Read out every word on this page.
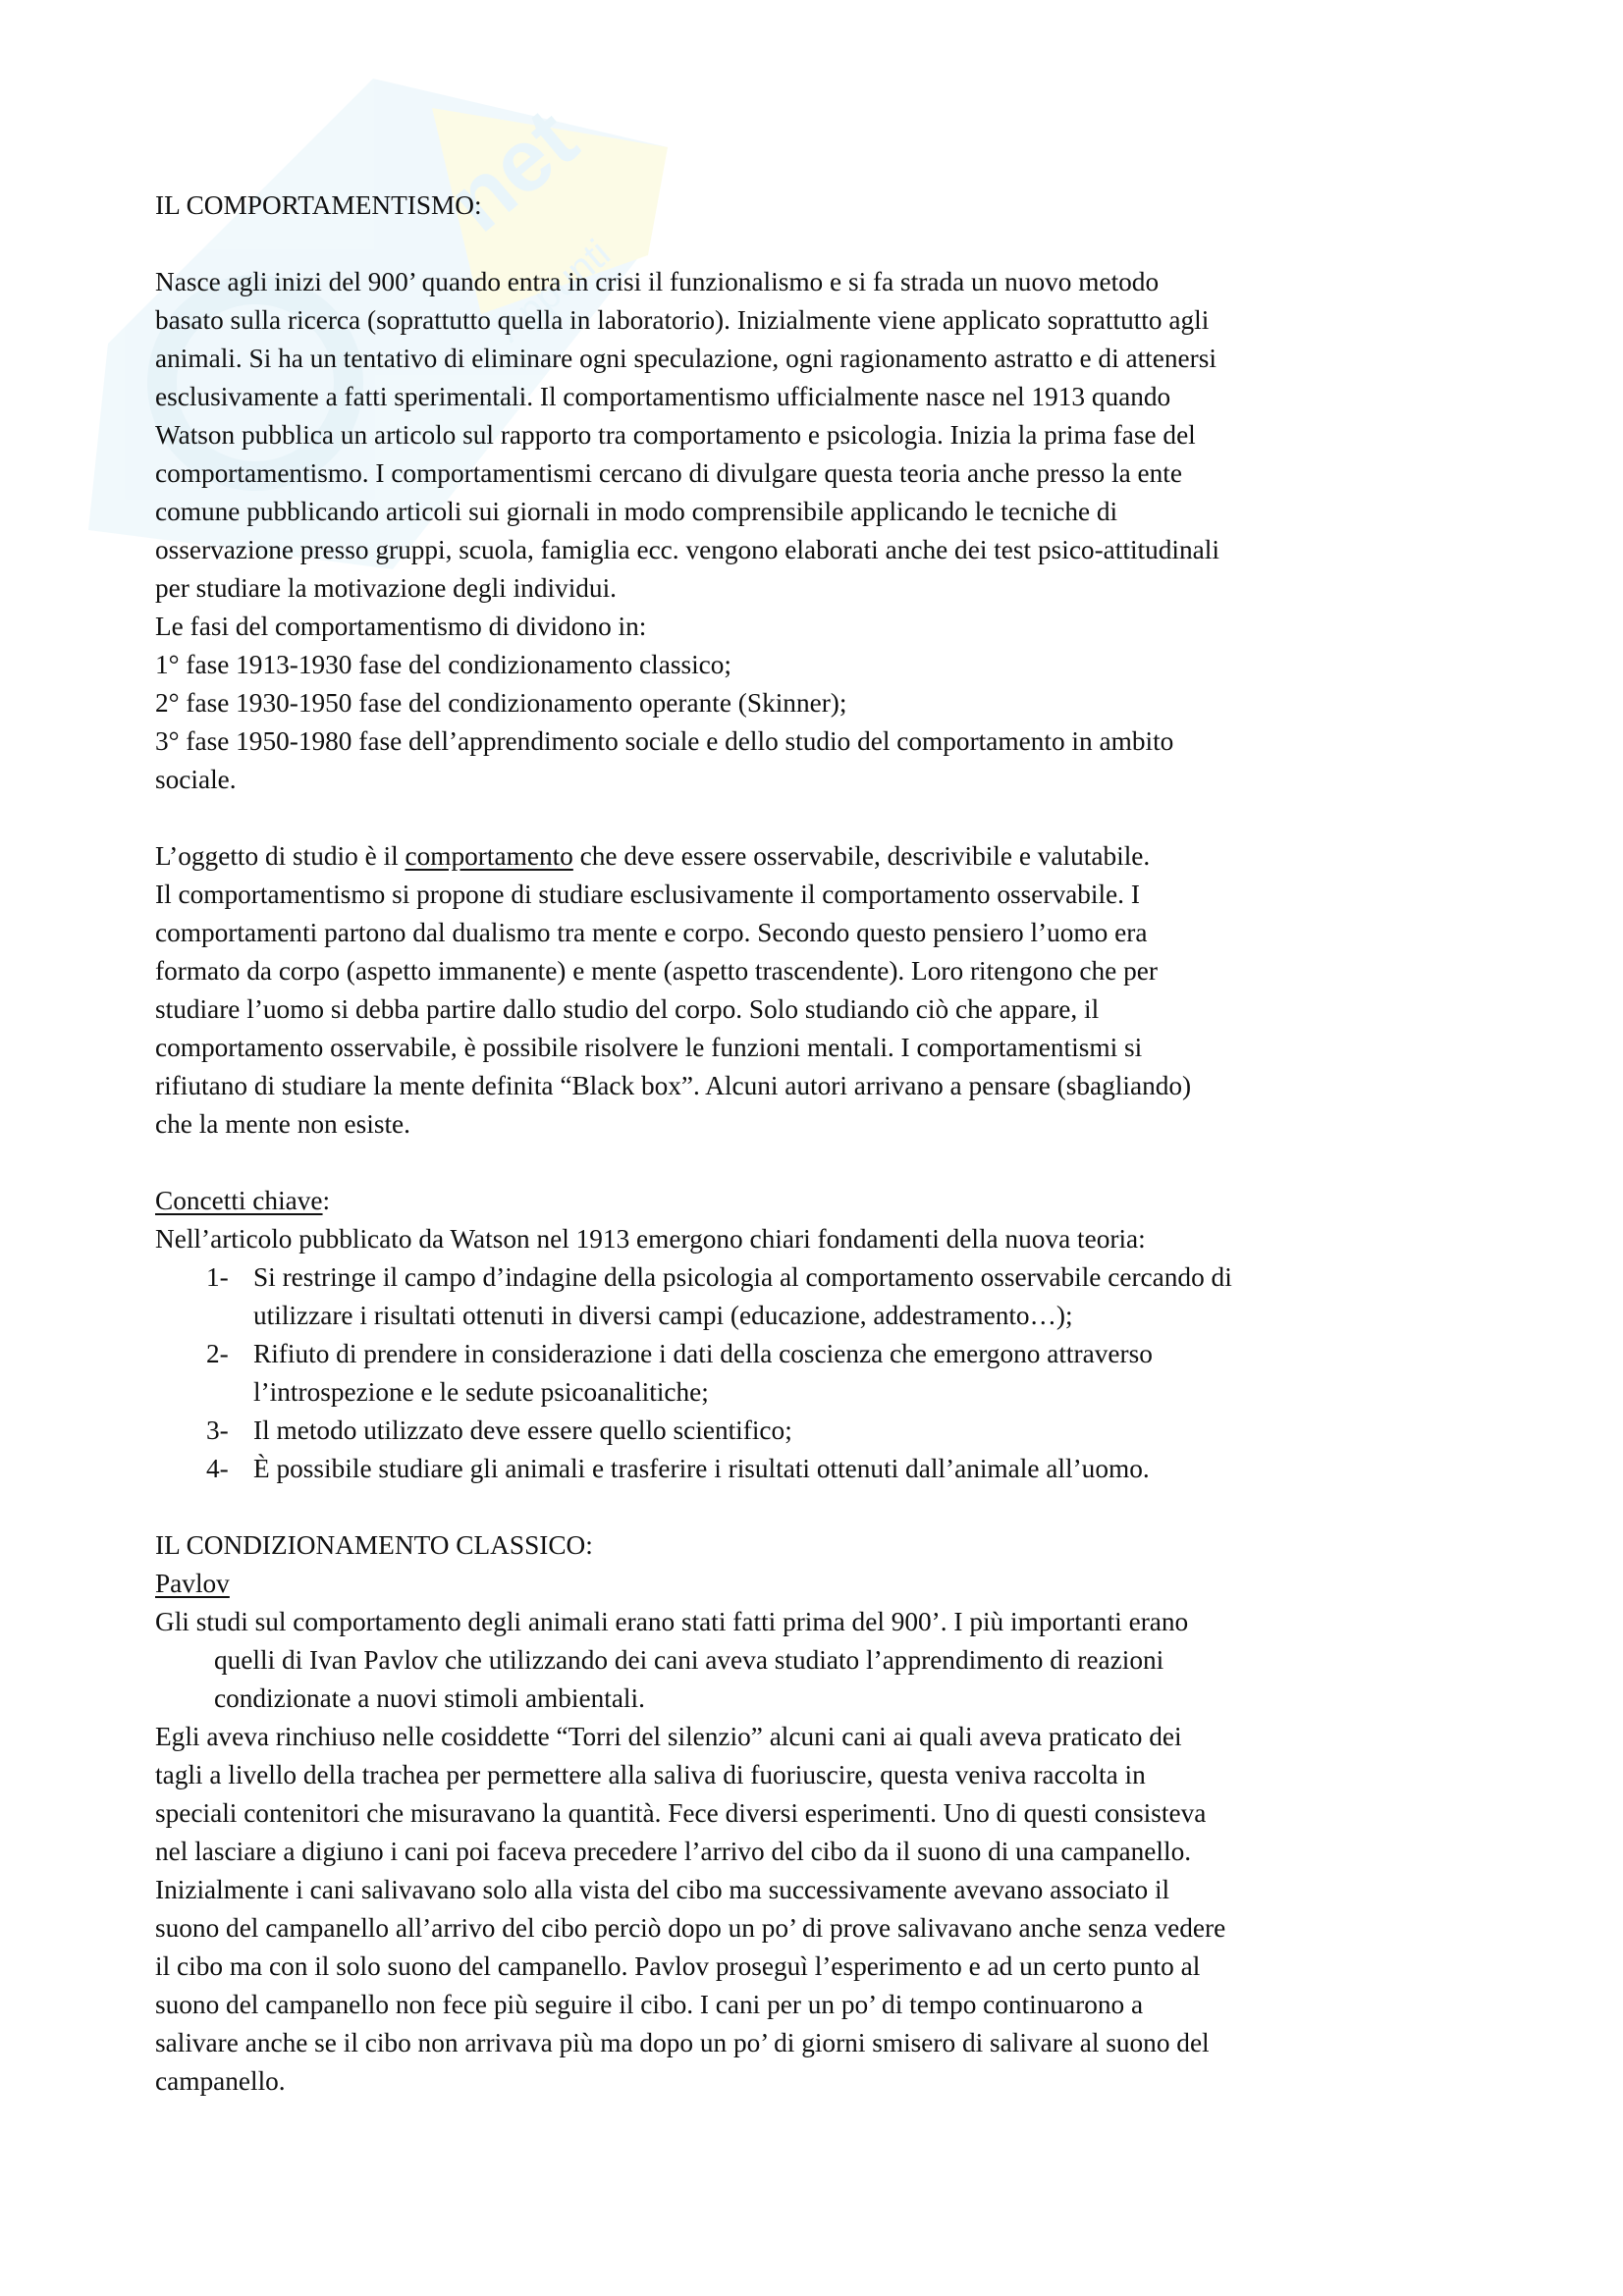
net
Appunti

IL COMPORTAMENTISMO:

Nasce agli inizi del 900’ quando entra in crisi il funzionalismo e si fa strada un nuovo metodo

basato sulla ricerca (soprattutto quella in laboratorio). Inizialmente viene applicato soprattutto agli

animali. Si ha un tentativo di eliminare ogni speculazione, ogni ragionamento astratto e di attenersi

esclusivamente a fatti sperimentali. Il comportamentismo ufficialmente nasce nel 1913 quando

Watson pubblica un articolo sul rapporto tra comportamento e psicologia. Inizia la prima fase del

comportamentismo. I comportamentismi cercano di divulgare questa teoria anche presso la ente

comune pubblicando articoli sui giornali in modo comprensibile applicando le tecniche di

osservazione presso gruppi, scuola, famiglia ecc. vengono elaborati anche dei test psico-attitudinali

per studiare la motivazione degli individui.

Le fasi del comportamentismo di dividono in:

1° fase 1913-1930 fase del condizionamento classico;

2° fase 1930-1950 fase del condizionamento operante (Skinner);

3° fase 1950-1980 fase dell’apprendimento sociale e dello studio del comportamento in ambito

sociale.

L’oggetto di studio è il comportamento che deve essere osservabile, descrivibile e valutabile.

Il comportamentismo si propone di studiare esclusivamente il comportamento osservabile. I

comportamenti partono dal dualismo tra mente e corpo. Secondo questo pensiero l’uomo era

formato da corpo (aspetto immanente) e mente (aspetto trascendente). Loro ritengono che per

studiare l’uomo si debba partire dallo studio del corpo. Solo studiando ciò che appare, il

comportamento osservabile, è possibile risolvere le funzioni mentali. I comportamentismi si

rifiutano di studiare la mente definita “Black box”. Alcuni autori arrivano a pensare (sbagliando)

che la mente non esiste.

Concetti chiave:

Nell’articolo pubblicato da Watson nel 1913 emergono chiari fondamenti della nuova teoria:

1- Si restringe il campo d’indagine della psicologia al comportamento osservabile cercando di

utilizzare i risultati ottenuti in diversi campi (educazione, addestramento…);

2- Rifiuto di prendere in considerazione i dati della coscienza che emergono attraverso

l’introspezione e le sedute psicoanalitiche;

3- Il metodo utilizzato deve essere quello scientifico;

4- È possibile studiare gli animali e trasferire i risultati ottenuti dall’animale all’uomo.

IL CONDIZIONAMENTO CLASSICO:

Pavlov

Gli studi sul comportamento degli animali erano stati fatti prima del 900’. I più importanti erano

quelli di Ivan Pavlov che utilizzando dei cani aveva studiato l’apprendimento di reazioni

condizionate a nuovi stimoli ambientali.

Egli aveva rinchiuso nelle cosiddette “Torri del silenzio” alcuni cani ai quali aveva praticato dei

tagli a livello della trachea per permettere alla saliva di fuoriuscire, questa veniva raccolta in

speciali contenitori che misuravano la quantità. Fece diversi esperimenti. Uno di questi consisteva

nel lasciare a digiuno i cani poi faceva precedere l’arrivo del cibo da il suono di una campanello.

Inizialmente i cani salivavano solo alla vista del cibo ma successivamente avevano associato il

suono del campanello all’arrivo del cibo perciò dopo un po’ di prove salivavano anche senza vedere

il cibo ma con il solo suono del campanello. Pavlov proseguì l’esperimento e ad un certo punto al

suono del campanello non fece più seguire il cibo. I cani per un po’ di tempo continuarono a

salivare anche se il cibo non arrivava più ma dopo un po’ di giorni smisero di salivare al suono del

campanello.
